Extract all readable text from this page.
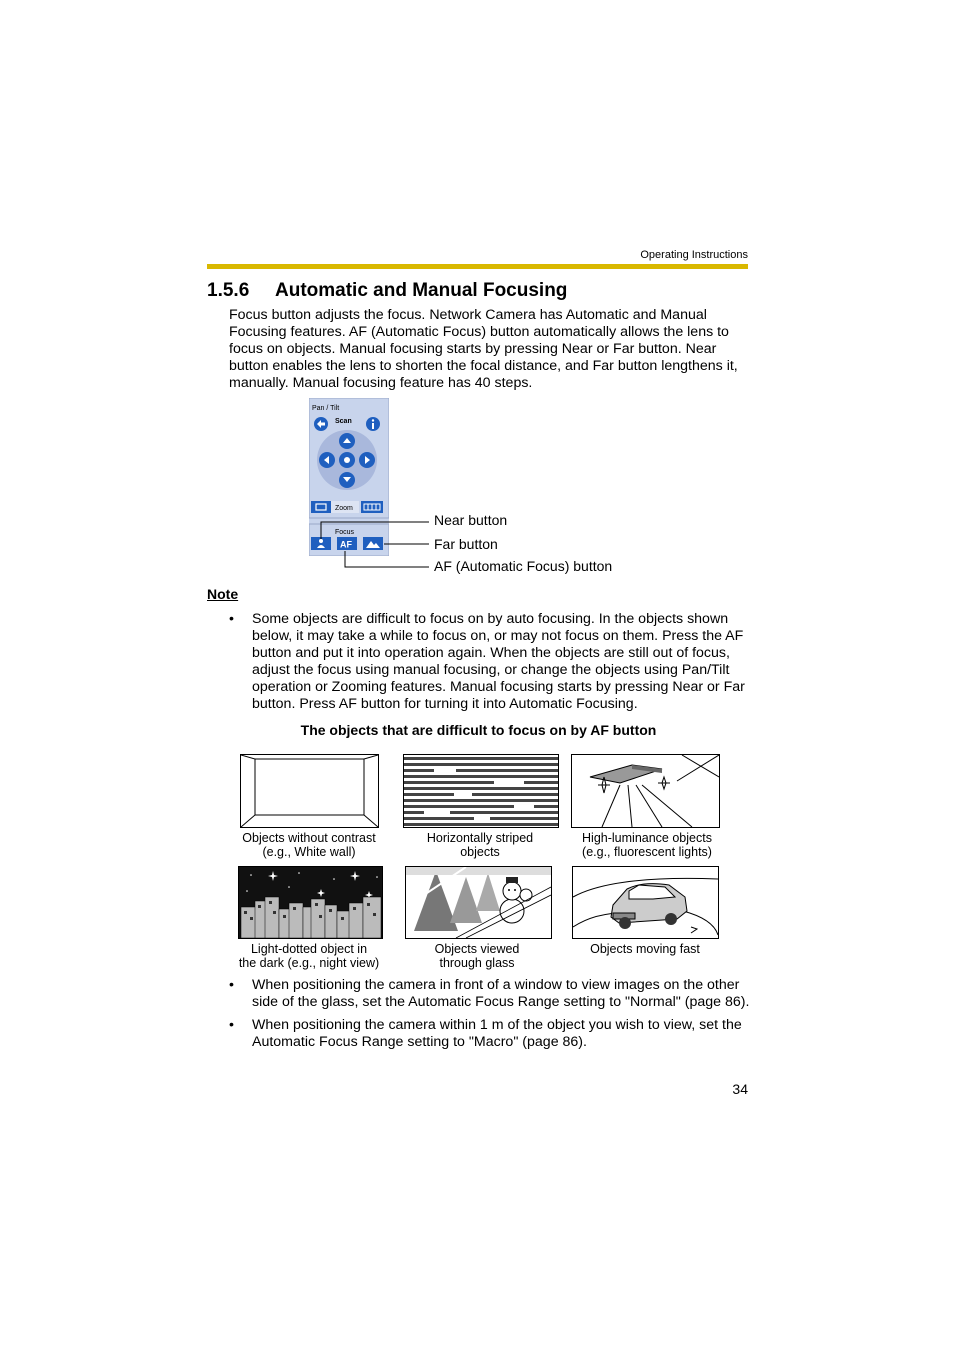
Operating Instructions
1.5.6 Automatic and Manual Focusing
Focus button adjusts the focus. Network Camera has Automatic and Manual Focusing features. AF (Automatic Focus) button automatically allows the lens to focus on objects. Manual focusing starts by pressing Near or Far button. Near button enables the lens to shorten the focal distance, and Far button lengthens it, manually. Manual focusing feature has 40 steps.
Pan / Tilt
Scan
Zoom
Focus
AF
Near button
Far button
AF (Automatic Focus) button
Note
• Some objects are difficult to focus on by auto focusing. In the objects shown below, it may take a while to focus on, or may not focus on them. Press the AF button and put it into operation again. When the objects are still out of focus, adjust the focus using manual focusing, or change the objects using Pan/Tilt operation or Zooming features. Manual focusing starts by pressing Near or Far button. Press AF button for turning it into Automatic Focusing.
The objects that are difficult to focus on by AF button
Objects without contrast
(e.g., White wall)
Horizontally striped
objects
High-luminance objects
(e.g., fluorescent lights)
Light-dotted object in
the dark (e.g., night view)
Objects viewed
through glass
Objects moving fast
• When positioning the camera in front of a window to view images on the other side of the glass, set the Automatic Focus Range setting to "Normal" (page 86).
• When positioning the camera within 1 m of the object you wish to view, set the Automatic Focus Range setting to "Macro" (page 86).
34
